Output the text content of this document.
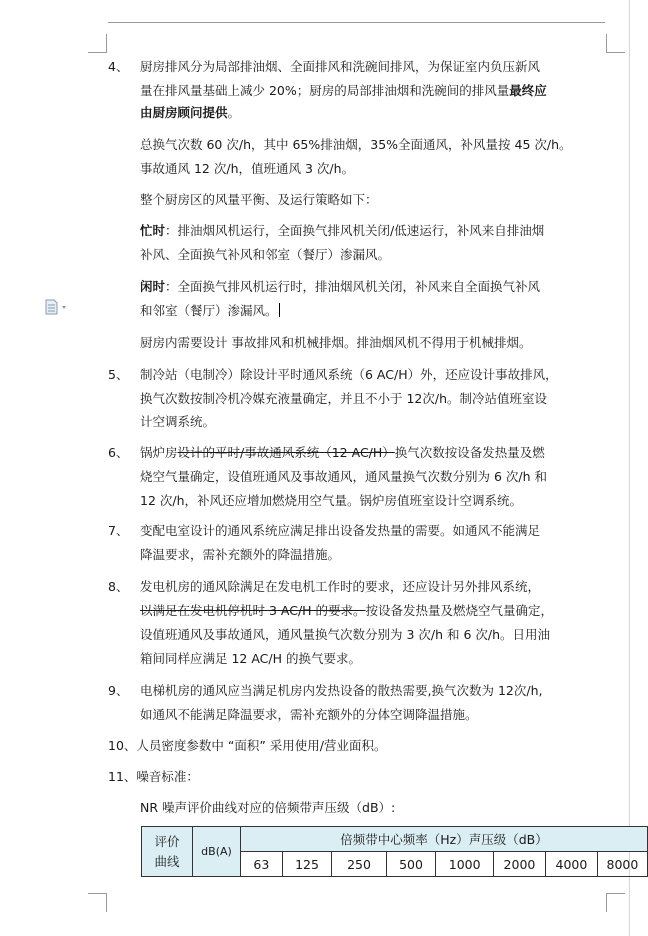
4、 厨房排风分为局部排油烟、全面排风和洗碗间排风，为保证室内负压新风
量在排风量基础上减少 20%；厨房的局部排油烟和洗碗间的排风量最终应
由厨房顾问提供。
总换气次数 60 次/h，其中 65%排油烟，35%全面通风，补风量按 45 次/h。
事故通风 12 次/h，值班通风 3 次/h。
整个厨房区的风量平衡、及运行策略如下：
忙时：排油烟风机运行，全面换气排风机关闭/低速运行，补风来自排油烟
补风、全面换气补风和邻室（餐厅）渗漏风。
闲时：全面换气排风机运行时，排油烟风机关闭，补风来自全面换气补风
和邻室（餐厅）渗漏风。
厨房内需要设计 事故排风和机械排烟。排油烟风机不得用于机械排烟。
5、 制冷站（电制冷）除设计平时通风系统（6 AC/H）外，还应设计事故排风，
换气次数按制冷机冷媒充液量确定，并且不小于 12次/h。制冷站值班室设
计空调系统。
6、 锅炉房设计的平时/事故通风系统（12 AC/H）换气次数按设备发热量及燃
烧空气量确定，设值班通风及事故通风，通风量换气次数分别为 6 次/h 和
12 次/h，补风还应增加燃烧用空气量。锅炉房值班室设计空调系统。
7、 变配电室设计的通风系统应满足排出设备发热量的需要。如通风不能满足
降温要求，需补充额外的降温措施。
8、 发电机房的通风除满足在发电机工作时的要求，还应设计另外排风系统，
以满足在发电机停机时 3 AC/H 的要求。按设备发热量及燃烧空气量确定，
设值班通风及事故通风，通风量换气次数分别为 3 次/h 和 6 次/h。日用油
箱间同样应满足 12 AC/H 的换气要求。
9、 电梯机房的通风应当满足机房内发热设备的散热需要,换气次数为 12次/h,
如通风不能满足降温要求，需补充额外的分体空调降温措施。
10、人员密度参数中 “面积” 采用使用/营业面积。
11、噪音标准：
NR 噪声评价曲线对应的倍频带声压级（dB）:
评价
曲线	dB(A)	倍频带中心频率（Hz）声压级（dB）							
		63	125	250	500	1000	2000	4000	8000
